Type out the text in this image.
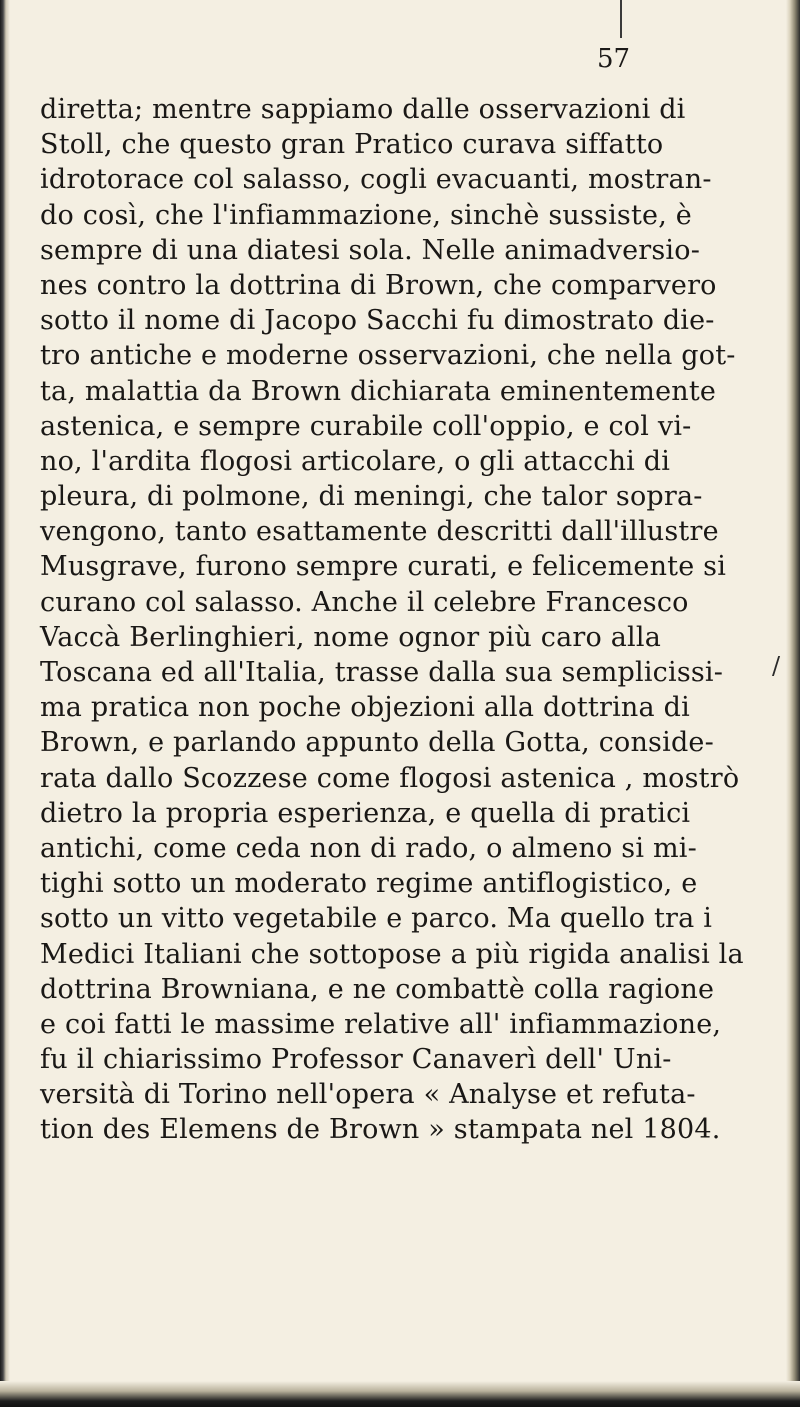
57

diretta; mentre sappiamo dalle osservazioni di
Stoll, che questo gran Pratico curava siffatto
idrotorace col salasso, cogli evacuanti, mostran-
do così, che l'infiammazione, sinchè sussiste, è
sempre di una diatesi sola. Nelle animadversio-
nes contro la dottrina di Brown, che comparvero
sotto il nome di Jacopo Sacchi fu dimostrato die-
tro antiche e moderne osservazioni, che nella got-
ta, malattia da Brown dichiarata eminentemente
astenica, e sempre curabile coll'oppio, e col vi-
no, l'ardita flogosi articolare, o gli attacchi di
pleura, di polmone, di meningi, che talor sopra-
vengono, tanto esattamente descritti dall'illustre
Musgrave, furono sempre curati, e felicemente si
curano col salasso. Anche il celebre Francesco
Vaccà Berlinghieri, nome ognor più caro alla
Toscana ed all'Italia, trasse dalla sua semplicissi-
ma pratica non poche objezioni alla dottrina di
Brown, e parlando appunto della Gotta, conside-
rata dallo Scozzese come flogosi astenica , mostrò
dietro la propria esperienza, e quella di pratici
antichi, come ceda non di rado, o almeno si mi-
tighi sotto un moderato regime antiflogistico, e
sotto un vitto vegetabile e parco. Ma quello tra i
Medici Italiani che sottopose a più rigida analisi la
dottrina Browniana, e ne combattè colla ragione
e coi fatti le massime relative all' infiammazione,
fu il chiarissimo Professor Canaverì dell' Uni-
versità di Torino nell'opera « Analyse et refuta-
tion des Elemens de Brown » stampata nel 1804.

/
